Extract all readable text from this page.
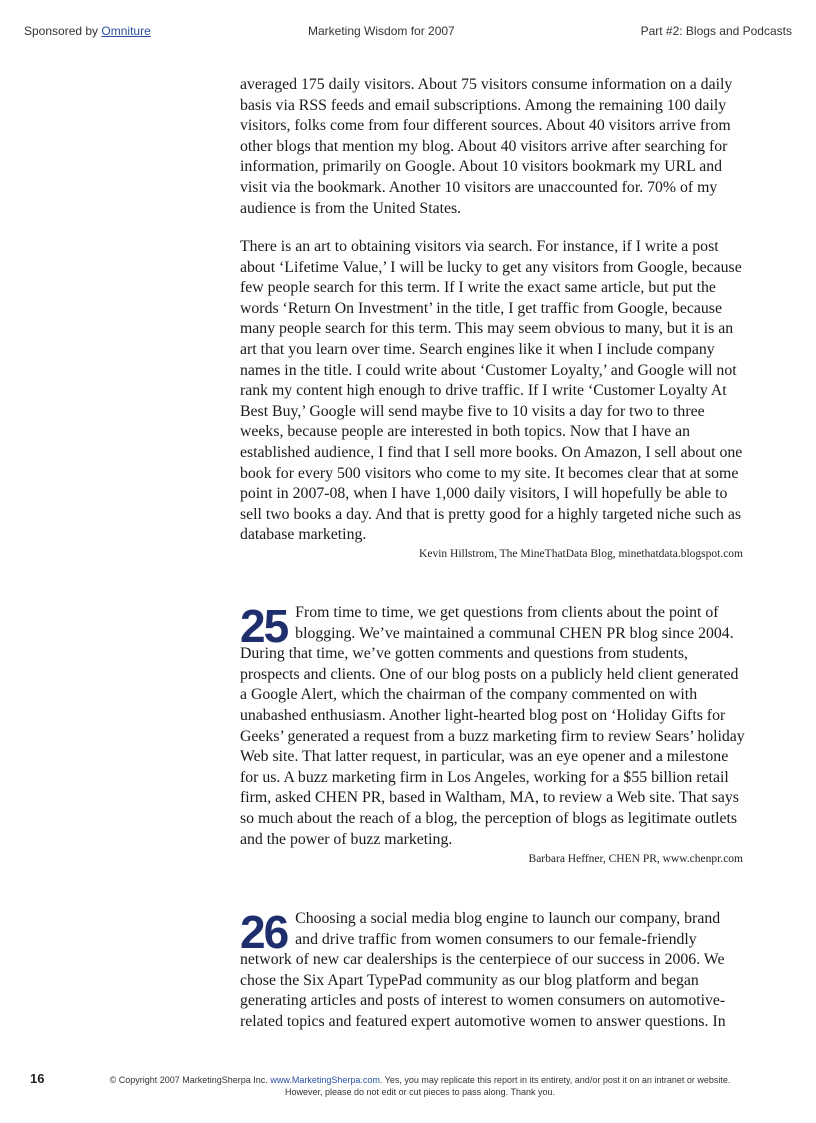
Sponsored by Omniture	Marketing Wisdom for 2007	Part #2: Blogs and Podcasts

averaged 175 daily visitors. About 75 visitors consume information on a daily basis via RSS feeds and email subscriptions. Among the remaining 100 daily visitors, folks come from four different sources. About 40 visitors arrive from other blogs that mention my blog. About 40 visitors arrive after searching for information, primarily on Google. About 10 visitors bookmark my URL and visit via the bookmark. Another 10 visitors are unaccounted for. 70% of my audience is from the United States.

There is an art to obtaining visitors via search. For instance, if I write a post about ‘Lifetime Value,’ I will be lucky to get any visitors from Google, because few people search for this term. If I write the exact same article, but put the words ‘Return On Investment’ in the title, I get traffic from Google, because many people search for this term. This may seem obvious to many, but it is an art that you learn over time. Search engines like it when I include company names in the title. I could write about ‘Customer Loyalty,’ and Google will not rank my content high enough to drive traffic. If I write ‘Customer Loyalty At Best Buy,’ Google will send maybe five to 10 visits a day for two to three weeks, because people are interested in both topics. Now that I have an established audience, I find that I sell more books. On Amazon, I sell about one book for every 500 visitors who come to my site. It becomes clear that at some point in 2007-08, when I have 1,000 daily visitors, I will hopefully be able to sell two books a day. And that is pretty good for a highly targeted niche such as database marketing.

Kevin Hillstrom, The MineThatData Blog, minethatdata.blogspot.com
25 From time to time, we get questions from clients about the point of blogging. We’ve maintained a communal CHEN PR blog since 2004. During that time, we’ve gotten comments and questions from students, prospects and clients. One of our blog posts on a publicly held client generated a Google Alert, which the chairman of the company commented on with unabashed enthusiasm. Another light-hearted blog post on ‘Holiday Gifts for Geeks’ generated a request from a buzz marketing firm to review Sears’ holiday Web site. That latter request, in particular, was an eye opener and a milestone for us. A buzz marketing firm in Los Angeles, working for a $55 billion retail firm, asked CHEN PR, based in Waltham, MA, to review a Web site. That says so much about the reach of a blog, the perception of blogs as legitimate outlets and the power of buzz marketing.

Barbara Heffner, CHEN PR, www.chenpr.com
26 Choosing a social media blog engine to launch our company, brand and drive traffic from women consumers to our female-friendly network of new car dealerships is the centerpiece of our success in 2006. We chose the Six Apart TypePad community as our blog platform and began generating articles and posts of interest to women consumers on automotive-related topics and featured expert automotive women to answer questions. In

16	© Copyright 2007 MarketingSherpa Inc. www.MarketingSherpa.com. Yes, you may replicate this report in its entirety, and/or post it on an intranet or website.
However, please do not edit or cut pieces to pass along. Thank you.
